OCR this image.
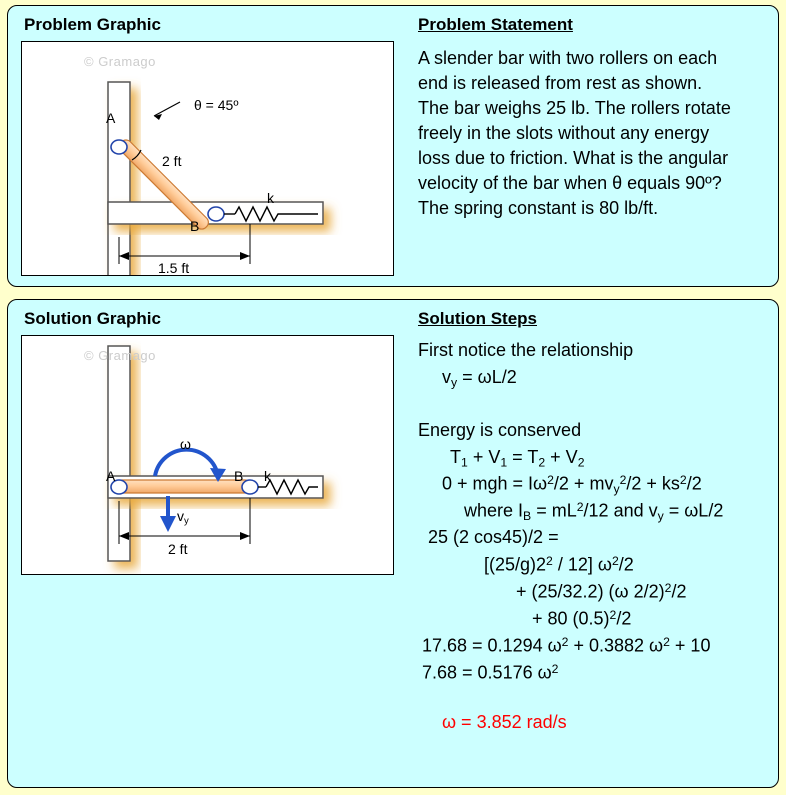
Problem Graphic	Problem Statement
© Gramago
A
B
θ = 45º
2 ft
k
1.5 ft
A slender bar with two rollers on each
end is released from rest as shown.
The bar weighs 25 lb. The rollers rotate
freely in the slots without any energy
loss due to friction. What is the angular
velocity of the bar when θ equals 90º?
The spring constant is 80 lb/ft.
Solution Graphic	Solution Steps
© Gramago
A	B k
ω
$v_y$
2 ft
First notice the relationship
$v_y = \omega L/2$
Energy is conserved
$T_1 + V_1 = T_2 + V_2$
0 + mgh = $I\omega^2/2 + mv_y^2/2 + ks^2/2$
where $I_B = mL^2/12$ and $v_y = \omega L/2$
25 (2 cos45)/2 =
$[(25/g)2^2 / 12]$ $\omega^2/2$
+ (25/32.2) (ω 2/2)$^2$/2
+ 80 $(0.5)^2/2$
17.68 = 0.1294 $\omega^2 + 0.3882$ $\omega^2 + 10$
7.68 = 0.5176 $\omega^2$
ω = 3.852 rad/s
